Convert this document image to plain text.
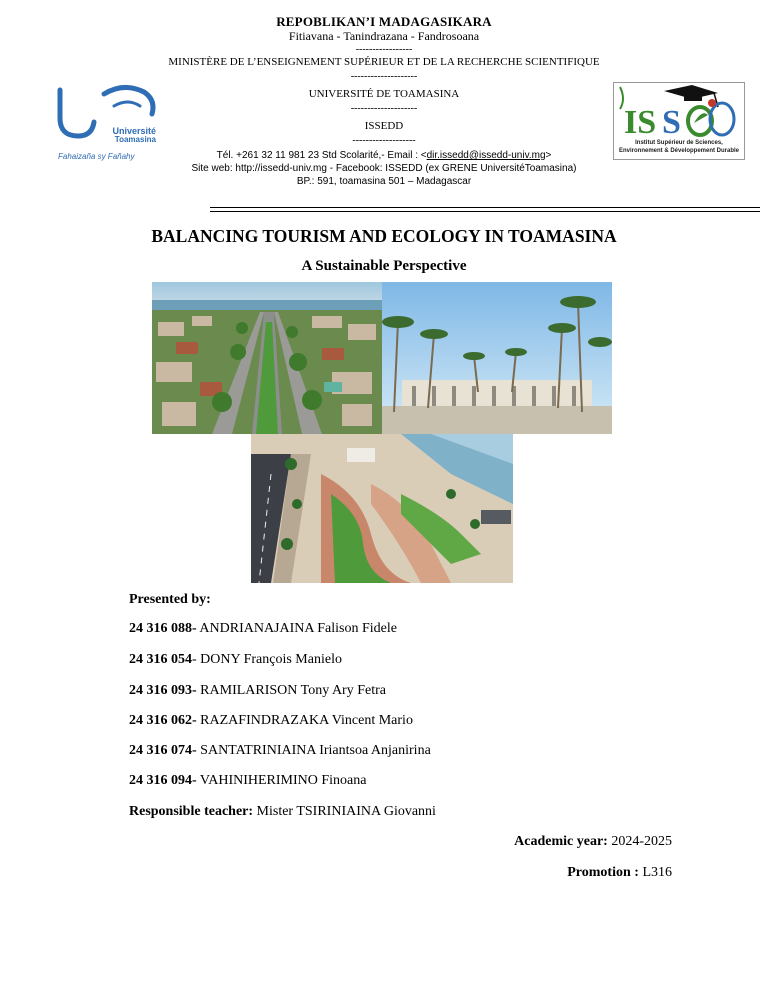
REPOBLIKAN’I MADAGASIKARA
Fitiavana - Tanindrazana - Fandrosoana
-----------------
MINISTÈRE DE L’ENSEIGNEMENT SUPÉRIEUR ET DE LA RECHERCHE SCIENTIFIQUE
--------------------
UNIVERSITÉ DE TOAMASINA
--------------------
ISSEDD
-------------------
Tél. +261 32 11 981 23 Std Scolarité,- Email : <dir.issedd@issedd-univ.mg>
Site web: http://issedd-univ.mg - Facebook: ISSEDD (ex GRENE UniversitéToamasina)
BP.: 591, toamasina 501 – Madagascar
Université
Toamasina
Fahaizaña sy Fañahy
IS S
Institut Supérieur de Sciences,
Environnement & Développement Durable
BALANCING TOURISM AND ECOLOGY IN TOAMASINA
A Sustainable Perspective
Presented by:
24 316 088- ANDRIANAJAINA Falison Fidele
24 316 054- DONY François Manielo
24 316 093- RAMILARISON Tony Ary Fetra
24 316 062- RAZAFINDRAZAKA Vincent Mario
24 316 074- SANTATRINIAINA Iriantsoa Anjanirina
24 316 094- VAHINIHERIMINO Finoana
Responsible teacher: Mister TSIRINIAINA Giovanni
Academic year: 2024-2025
Promotion : L316
